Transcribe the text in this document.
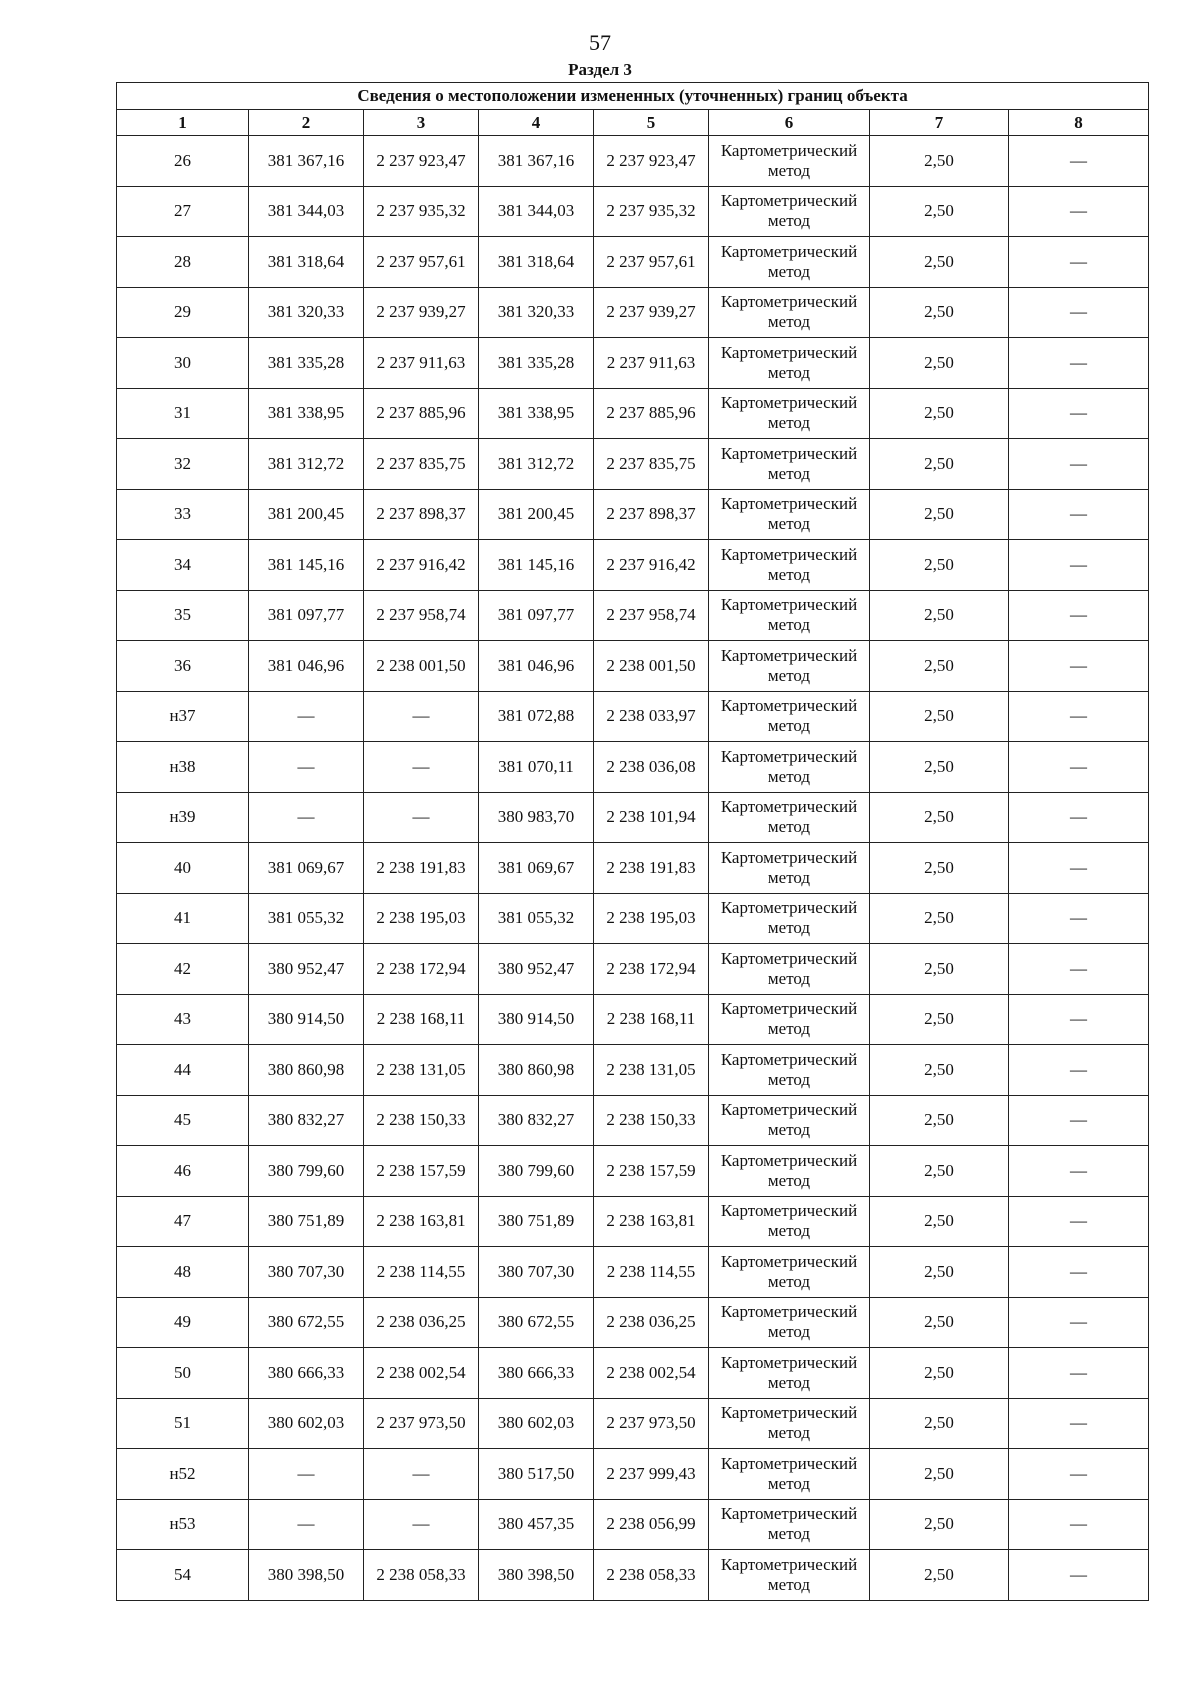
57
Раздел 3
Сведения о местоположении измененных (уточненных) границ объекта							
1	2	3	4	5	6	7	8
26	381 367,16	2 237 923,47	381 367,16	2 237 923,47	Картометрический метод	2,50	—
27	381 344,03	2 237 935,32	381 344,03	2 237 935,32	Картометрический метод	2,50	—
28	381 318,64	2 237 957,61	381 318,64	2 237 957,61	Картометрический метод	2,50	—
29	381 320,33	2 237 939,27	381 320,33	2 237 939,27	Картометрический метод	2,50	—
30	381 335,28	2 237 911,63	381 335,28	2 237 911,63	Картометрический метод	2,50	—
31	381 338,95	2 237 885,96	381 338,95	2 237 885,96	Картометрический метод	2,50	—
32	381 312,72	2 237 835,75	381 312,72	2 237 835,75	Картометрический метод	2,50	—
33	381 200,45	2 237 898,37	381 200,45	2 237 898,37	Картометрический метод	2,50	—
34	381 145,16	2 237 916,42	381 145,16	2 237 916,42	Картометрический метод	2,50	—
35	381 097,77	2 237 958,74	381 097,77	2 237 958,74	Картометрический метод	2,50	—
36	381 046,96	2 238 001,50	381 046,96	2 238 001,50	Картометрический метод	2,50	—
н37	—	—	381 072,88	2 238 033,97	Картометрический метод	2,50	—
н38	—	—	381 070,11	2 238 036,08	Картометрический метод	2,50	—
н39	—	—	380 983,70	2 238 101,94	Картометрический метод	2,50	—
40	381 069,67	2 238 191,83	381 069,67	2 238 191,83	Картометрический метод	2,50	—
41	381 055,32	2 238 195,03	381 055,32	2 238 195,03	Картометрический метод	2,50	—
42	380 952,47	2 238 172,94	380 952,47	2 238 172,94	Картометрический метод	2,50	—
43	380 914,50	2 238 168,11	380 914,50	2 238 168,11	Картометрический метод	2,50	—
44	380 860,98	2 238 131,05	380 860,98	2 238 131,05	Картометрический метод	2,50	—
45	380 832,27	2 238 150,33	380 832,27	2 238 150,33	Картометрический метод	2,50	—
46	380 799,60	2 238 157,59	380 799,60	2 238 157,59	Картометрический метод	2,50	—
47	380 751,89	2 238 163,81	380 751,89	2 238 163,81	Картометрический метод	2,50	—
48	380 707,30	2 238 114,55	380 707,30	2 238 114,55	Картометрический метод	2,50	—
49	380 672,55	2 238 036,25	380 672,55	2 238 036,25	Картометрический метод	2,50	—
50	380 666,33	2 238 002,54	380 666,33	2 238 002,54	Картометрический метод	2,50	—
51	380 602,03	2 237 973,50	380 602,03	2 237 973,50	Картометрический метод	2,50	—
н52	—	—	380 517,50	2 237 999,43	Картометрический метод	2,50	—
н53	—	—	380 457,35	2 238 056,99	Картометрический метод	2,50	—
54	380 398,50	2 238 058,33	380 398,50	2 238 058,33	Картометрический метод	2,50	—
